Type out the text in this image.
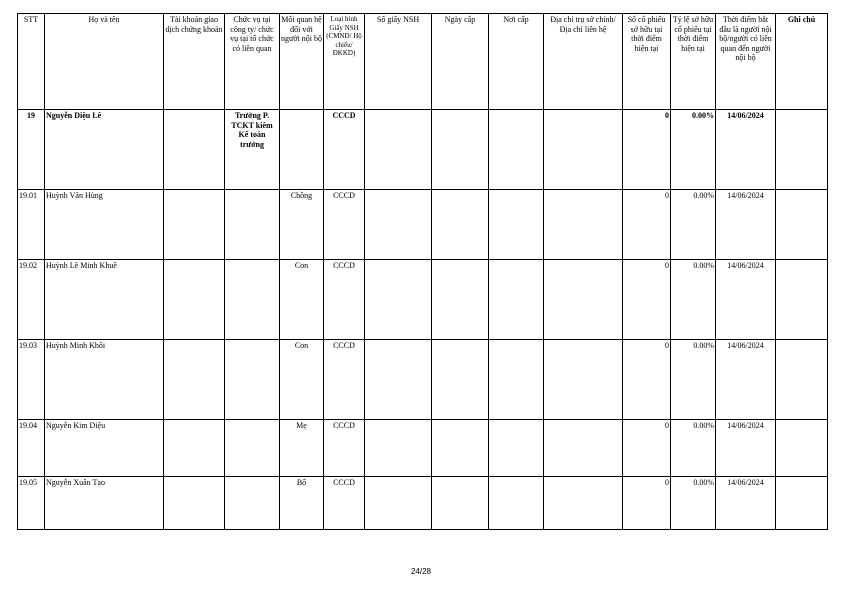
STT	Họ và tên	Tài khoản giao dịch chứng khoán	Chức vụ tại công ty/ chức vụ tại tổ chức có liên quan	Mối quan hệ đối với người nội bộ	Loại hình Giấy NSH (CMND/ Hộ chiếu/ ĐKKD)	Số giấy NSH	Ngày cấp	Nơi cấp	Địa chỉ trụ sở chính/Địa chỉ liên hệ	Số cổ phiếu sở hữu tại thời điểm hiện tại	Tỷ lệ sở hữu cổ phiếu tại thời điểm hiện tại	Thời điểm bắt đầu là người nội bộ/người có liên quan đến người nội bộ	Ghi chú
19	Nguyễn Diệu Lê		Trưởng P. TCKT kiêm Kế toán trưởng		CCCD					0	0.00%	14/06/2024	
19.01	Huỳnh Văn Hùng			Chồng	CCCD					0	0.00%	14/06/2024	
19.02	Huỳnh Lê Minh Khuê			Con	CCCD					0	0.00%	14/06/2024	
19.03	Huỳnh Minh Khôi			Con	CCCD					0	0.00%	14/06/2024	
19.04	Nguyễn Kim Diệu			Mẹ	CCCD					0	0.00%	14/06/2024	
19.05	Nguyễn Xuân Tạo			Bố	CCCD					0	0.00%	14/06/2024	
24/28
